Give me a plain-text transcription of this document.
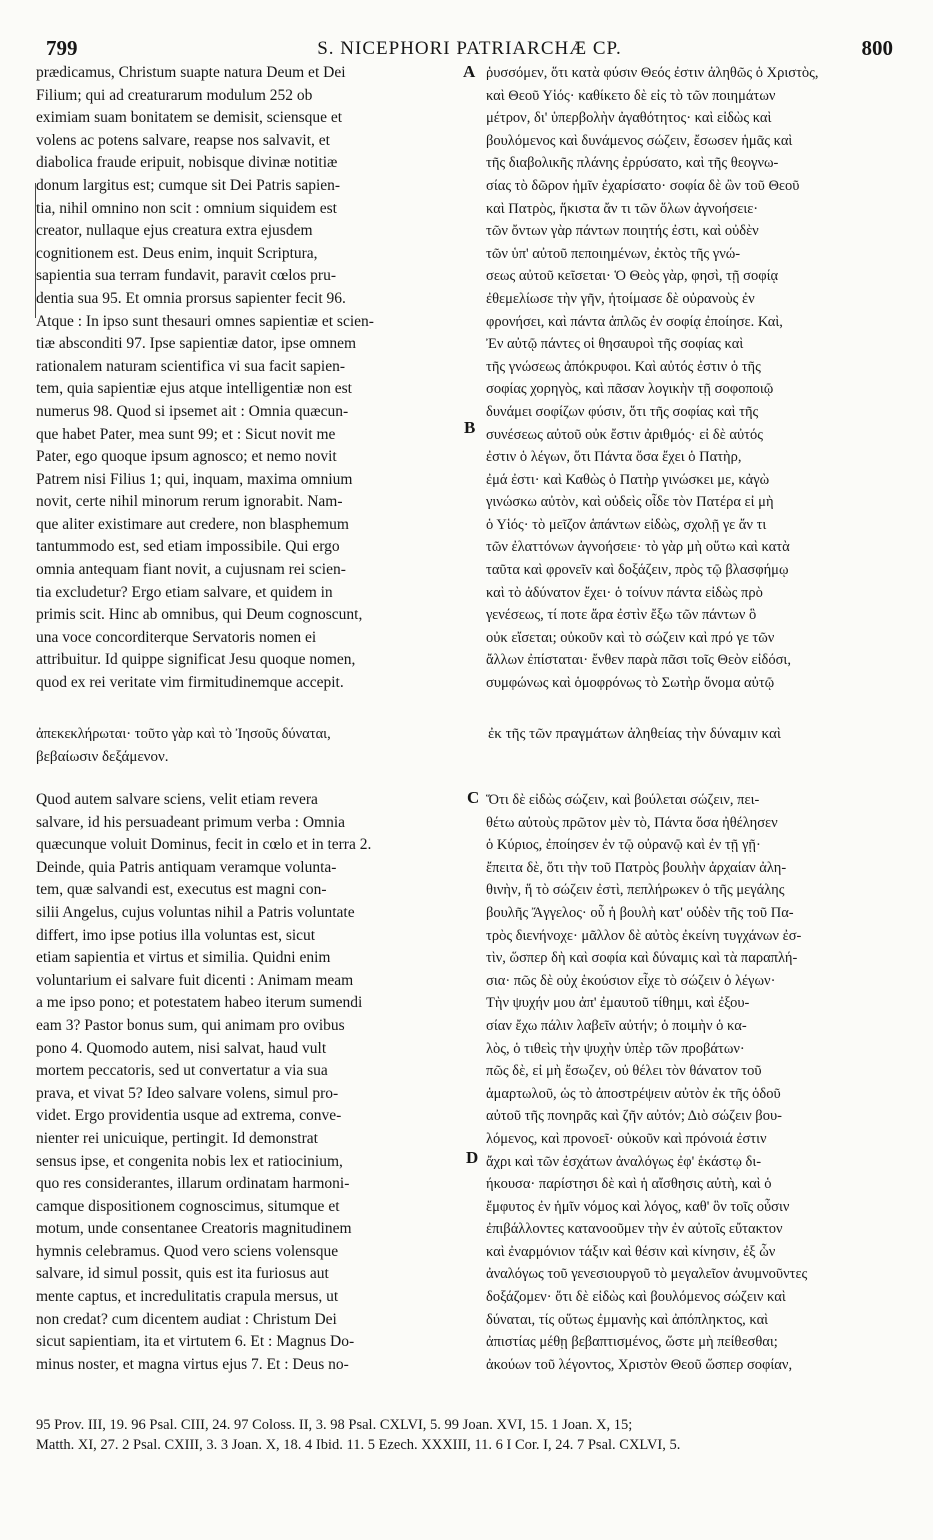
799	S. NICEPHORI PATRIARCHÆ CP.	800
A
B
C
D
prædicamus, Christum suapte natura Deum et Dei
Filium; qui ad creaturarum modulum 252 ob
eximiam suam bonitatem se demisit, sciensque et
volens ac potens salvare, reapse nos salvavit, et
diabolica fraude eripuit, nobisque divinæ notitiæ
donum largitus est; cumque sit Dei Patris sapien-
tia, nihil omnino non scit : omnium siquidem est
creator, nullaque ejus creatura extra ejusdem
cognitionem est. Deus enim, inquit Scriptura,
sapientia sua terram fundavit, paravit cœlos pru-
dentia sua 95. Et omnia prorsus sapienter fecit 96.
Atque : In ipso sunt thesauri omnes sapientiæ et scien-
tiæ absconditi 97. Ipse sapientiæ dator, ipse omnem
rationalem naturam scientifica vi sua facit sapien-
tem, quia sapientiæ ejus atque intelligentiæ non est
numerus 98. Quod si ipsemet ait : Omnia quæcun-
que habet Pater, mea sunt 99; et : Sicut novit me
Pater, ego quoque ipsum agnosco; et nemo novit
Patrem nisi Filius 1; qui, inquam, maxima omnium
novit, certe nihil minorum rerum ignorabit. Nam-
que aliter existimare aut credere, non blasphemum
tantummodo est, sed etiam impossibile. Qui ergo
omnia antequam fiant novit, a cujusnam rei scien-
tia excludetur? Ergo etiam salvare, et quidem in
primis scit. Hinc ab omnibus, qui Deum cognoscunt,
una voce concorditerque Servatoris nomen ei
attribuitur. Id quippe significat Jesu quoque nomen,
quod ex rei veritate vim firmitudinemque accepit.
ῥυσσόμεν, ὅτι κατὰ φύσιν Θεός ἐστιν ἀληθῶς ὁ Χριστὸς,
καὶ Θεοῦ Υἱός· καθίκετο δὲ εἰς τὸ τῶν ποιημάτων
μέτρον, δι' ὑπερβολὴν ἀγαθότητος· καὶ εἰδὼς καὶ
βουλόμενος καὶ δυνάμενος σώζειν, ἔσωσεν ἡμᾶς καὶ
τῆς διαβολικῆς πλάνης ἐρρύσατο, καὶ τῆς θεογνω-
σίας τὸ δῶρον ἡμῖν ἐχαρίσατο· σοφία δὲ ὢν τοῦ Θεοῦ
καὶ Πατρὸς, ἥκιστα ἄν τι τῶν ὅλων ἀγνοήσειε·
τῶν ὄντων γὰρ πάντων ποιητής ἐστι, καὶ οὐδὲν
τῶν ὑπ' αὐτοῦ πεποιημένων, ἐκτὸς τῆς γνώ-
σεως αὐτοῦ κεῖσεται· Ὁ Θεὸς γὰρ, φησὶ, τῇ σοφίᾳ
ἐθεμελίωσε τὴν γῆν, ἡτοίμασε δὲ οὐρανοὺς ἐν
φρονήσει, καὶ πάντα ἁπλῶς ἐν σοφίᾳ ἐποίησε. Καὶ,
Ἐν αὐτῷ πάντες οἱ θησαυροὶ τῆς σοφίας καὶ
τῆς γνώσεως ἀπόκρυφοι. Καὶ αὐτός ἐστιν ὁ τῆς
σοφίας χορηγὸς, καὶ πᾶσαν λογικὴν τῇ σοφοποιῷ
δυνάμει σοφίζων φύσιν, ὅτι τῆς σοφίας καὶ τῆς
συνέσεως αὐτοῦ οὐκ ἔστιν ἀριθμός· εἰ δὲ αὐτός
ἐστιν ὁ λέγων, ὅτι Πάντα ὅσα ἔχει ὁ Πατὴρ,
ἐμά ἐστι· καὶ Καθὼς ὁ Πατὴρ γινώσκει με, κἀγὼ
γινώσκω αὐτὸν, καὶ οὐδεὶς οἶδε τὸν Πατέρα εἰ μὴ
ὁ Υἱός· τὸ μεῖζον ἁπάντων εἰδὼς, σχολῇ γε ἄν τι
τῶν ἐλαττόνων ἀγνοήσειε· τὸ γὰρ μὴ οὕτω καὶ κατὰ
ταῦτα καὶ φρονεῖν καὶ δοξάζειν, πρὸς τῷ βλασφήμῳ
καὶ τὸ ἀδύνατον ἔχει· ὁ τοίνυν πάντα εἰδὼς πρὸ
γενέσεως, τί ποτε ἄρα ἐστὶν ἔξω τῶν πάντων ὃ
οὐκ εἴσεται; οὐκοῦν καὶ τὸ σώζειν καὶ πρό γε τῶν
ἄλλων ἐπίσταται· ἔνθεν παρὰ πᾶσι τοῖς Θεὸν εἰδόσι,
συμφώνως καὶ ὁμοφρόνως τὸ Σωτὴρ ὄνομα αὐτῷ
ἀπεκεκλήρωται· τοῦτο γὰρ καὶ τὸ Ἰησοῦς δύναται,	ἐκ τῆς τῶν πραγμάτων ἀληθείας τὴν δύναμιν καὶ
βεβαίωσιν δεξάμενον.
Quod autem salvare sciens, velit etiam revera
salvare, id his persuadeant primum verba : Omnia
quæcunque voluit Dominus, fecit in cœlo et in terra 2.
Deinde, quia Patris antiquam veramque volunta-
tem, quæ salvandi est, executus est magni con-
silii Angelus, cujus voluntas nihil a Patris voluntate
differt, imo ipse potius illa voluntas est, sicut
etiam sapientia et virtus et similia. Quidni enim
voluntarium ei salvare fuit dicenti : Animam meam
a me ipso pono; et potestatem habeo iterum sumendi
eam 3? Pastor bonus sum, qui animam pro ovibus
pono 4. Quomodo autem, nisi salvat, haud vult
mortem peccatoris, sed ut convertatur a via sua
prava, et vivat 5? Ideo salvare volens, simul pro-
videt. Ergo providentia usque ad extrema, conve-
nienter rei unicuique, pertingit. Id demonstrat
sensus ipse, et congenita nobis lex et ratiocinium,
quo res considerantes, illarum ordinatam harmoni-
camque dispositionem cognoscimus, situmque et
motum, unde consentanee Creatoris magnitudinem
hymnis celebramus. Quod vero sciens volensque
salvare, id simul possit, quis est ita furiosus aut
mente captus, et incredulitatis crapula mersus, ut
non credat? cum dicentem audiat : Christum Dei
sicut sapientiam, ita et virtutem 6. Et : Magnus Do-
minus noster, et magna virtus ejus 7. Et : Deus no-
Ὅτι δὲ εἰδὼς σώζειν, καὶ βούλεται σώζειν, πει-
θέτω αὐτοὺς πρῶτον μὲν τὸ, Πάντα ὅσα ἠθέλησεν
ὁ Κύριος, ἐποίησεν ἐν τῷ οὐρανῷ καὶ ἐν τῇ γῇ·
ἔπειτα δὲ, ὅτι τὴν τοῦ Πατρὸς βουλὴν ἀρχαίαν ἀλη-
θινὴν, ἥ τὸ σώζειν ἐστὶ, πεπλήρωκεν ὁ τῆς μεγάλης
βουλῆς Ἄγγελος· οὗ ἡ βουλὴ κατ' οὐδὲν τῆς τοῦ Πα-
τρὸς διενήνοχε· μᾶλλον δὲ αὐτὸς ἐκείνη τυγχάνων ἐσ-
τὶν, ὥσπερ δὴ καὶ σοφία καὶ δύναμις καὶ τὰ παραπλή-
σια· πῶς δὲ οὐχ ἑκούσιον εἶχε τὸ σώζειν ὁ λέγων·
Τὴν ψυχήν μου ἀπ' ἐμαυτοῦ τίθημι, καὶ ἐξου-
σίαν ἔχω πάλιν λαβεῖν αὐτήν; ὁ ποιμὴν ὁ κα-
λὸς, ὁ τιθεὶς τὴν ψυχὴν ὑπὲρ τῶν προβάτων·
πῶς δὲ, εἰ μὴ ἔσωζεν, οὐ θέλει τὸν θάνατον τοῦ
ἁμαρτωλοῦ, ὡς τὸ ἀποστρέψειν αὐτὸν ἐκ τῆς ὁδοῦ
αὐτοῦ τῆς πονηρᾶς καὶ ζῆν αὐτόν; Διὸ σώζειν βου-
λόμενος, καὶ προνοεῖ· οὐκοῦν καὶ πρόνοιά ἐστιν
ἄχρι καὶ τῶν ἐσχάτων ἀναλόγως ἐφ' ἑκάστῳ δι-
ήκουσα· παρίστησι δὲ καὶ ἡ αἴσθησις αὐτὴ, καὶ ὁ
ἔμφυτος ἐν ἡμῖν νόμος καὶ λόγος, καθ' ὃν τοῖς οὖσιν
ἐπιβάλλοντες κατανοοῦμεν τὴν ἐν αὐτοῖς εὔτακτον
καὶ ἐναρμόνιον τάξιν καὶ θέσιν καὶ κίνησιν, ἐξ ὧν
ἀναλόγως τοῦ γενεσιουργοῦ τὸ μεγαλεῖον ἀνυμνοῦντες
δοξάζομεν· ὅτι δὲ εἰδὼς καὶ βουλόμενος σώζειν καὶ
δύναται, τίς οὕτως ἐμμανὴς καὶ ἀπόπληκτος, καὶ
ἀπιστίας μέθῃ βεβαπτισμένος, ὥστε μὴ πείθεσθαι;
ἀκούων τοῦ λέγοντος, Χριστὸν Θεοῦ ὥσπερ σοφίαν,
95 Prov. III, 19. 96 Psal. CIII, 24. 97 Coloss. II, 3. 98 Psal. CXLVI, 5. 99 Joan. XVI, 15. 1 Joan. X, 15;
Matth. XI, 27. 2 Psal. CXIII, 3. 3 Joan. X, 18. 4 Ibid. 11. 5 Ezech. XXXIII, 11. 6 I Cor. I, 24. 7 Psal. CXLVI, 5.
